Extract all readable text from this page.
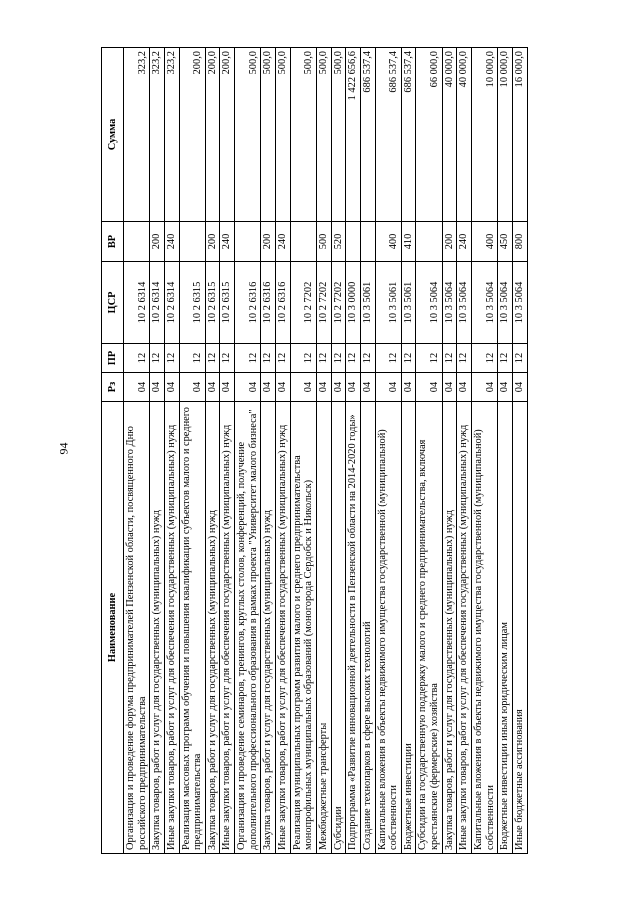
94
Наименование	Рз	ПР	ЦСР	ВР	Сумма
Организация и проведение форума предпринимателей Пензенской области, посвященного Дню российского предпринимательства	04	12	10 2 6314		323,2
Закупка товаров, работ и услуг для государственных (муниципальных) нужд	04	12	10 2 6314	200	323,2
Иные закупки товаров, работ и услуг для обеспечения государственных (муниципальных) нужд	04	12	10 2 6314	240	323,2
Реализация массовых программ обучения и повышения квалификации субъектов малого и среднего предпринимательства	04	12	10 2 6315		200,0
Закупка товаров, работ и услуг для государственных (муниципальных) нужд	04	12	10 2 6315	200	200,0
Иные закупки товаров, работ и услуг для обеспечения государственных (муниципальных) нужд	04	12	10 2 6315	240	200,0
Организация и проведение семинаров, тренингов, круглых столов, конференций, получение дополнительного профессионального образования в рамках проекта "Университет малого бизнеса"	04	12	10 2 6316		500,0
Закупка товаров, работ и услуг для государственных (муниципальных) нужд	04	12	10 2 6316	200	500,0
Иные закупки товаров, работ и услуг для обеспечения государственных (муниципальных) нужд	04	12	10 2 6316	240	500,0
Реализация муниципальных программ развития малого и среднего предпринимательства монопрофильных муниципальных образований (моногорода Сердобск и Никольск)	04	12	10 2 7202		500,0
Межбюджетные трансферты	04	12	10 2 7202	500	500,0
Субсидии	04	12	10 2 7202	520	500,0
Подпрограмма «Развитие инновационной деятельности в Пензенской области на 2014-2020 годы»	04	12	10 3 0000		1 422 656,6
Создание технопарков в сфере высоких технологий	04	12	10 3 5061		686 537,4
Капитальные вложения в объекты недвижимого имущества государственной (муниципальной) собственности	04	12	10 3 5061	400	686 537,4
Бюджетные инвестиции	04	12	10 3 5061	410	686 537,4
Субсидии на государственную поддержку малого и среднего предпринимательства, включая крестьянские (фермерские) хозяйства	04	12	10 3 5064		66 000,0
Закупка товаров, работ и услуг для государственных (муниципальных) нужд	04	12	10 3 5064	200	40 000,0
Иные закупки товаров, работ и услуг для обеспечения государственных (муниципальных) нужд	04	12	10 3 5064	240	40 000,0
Капитальные вложения в объекты недвижимого имущества государственной (муниципальной) собственности	04	12	10 3 5064	400	10 000,0
Бюджетные инвестиции иным юридическим лицам	04	12	10 3 5064	450	10 000,0
Иные бюджетные ассигнования	04	12	10 3 5064	800	16 000,0
